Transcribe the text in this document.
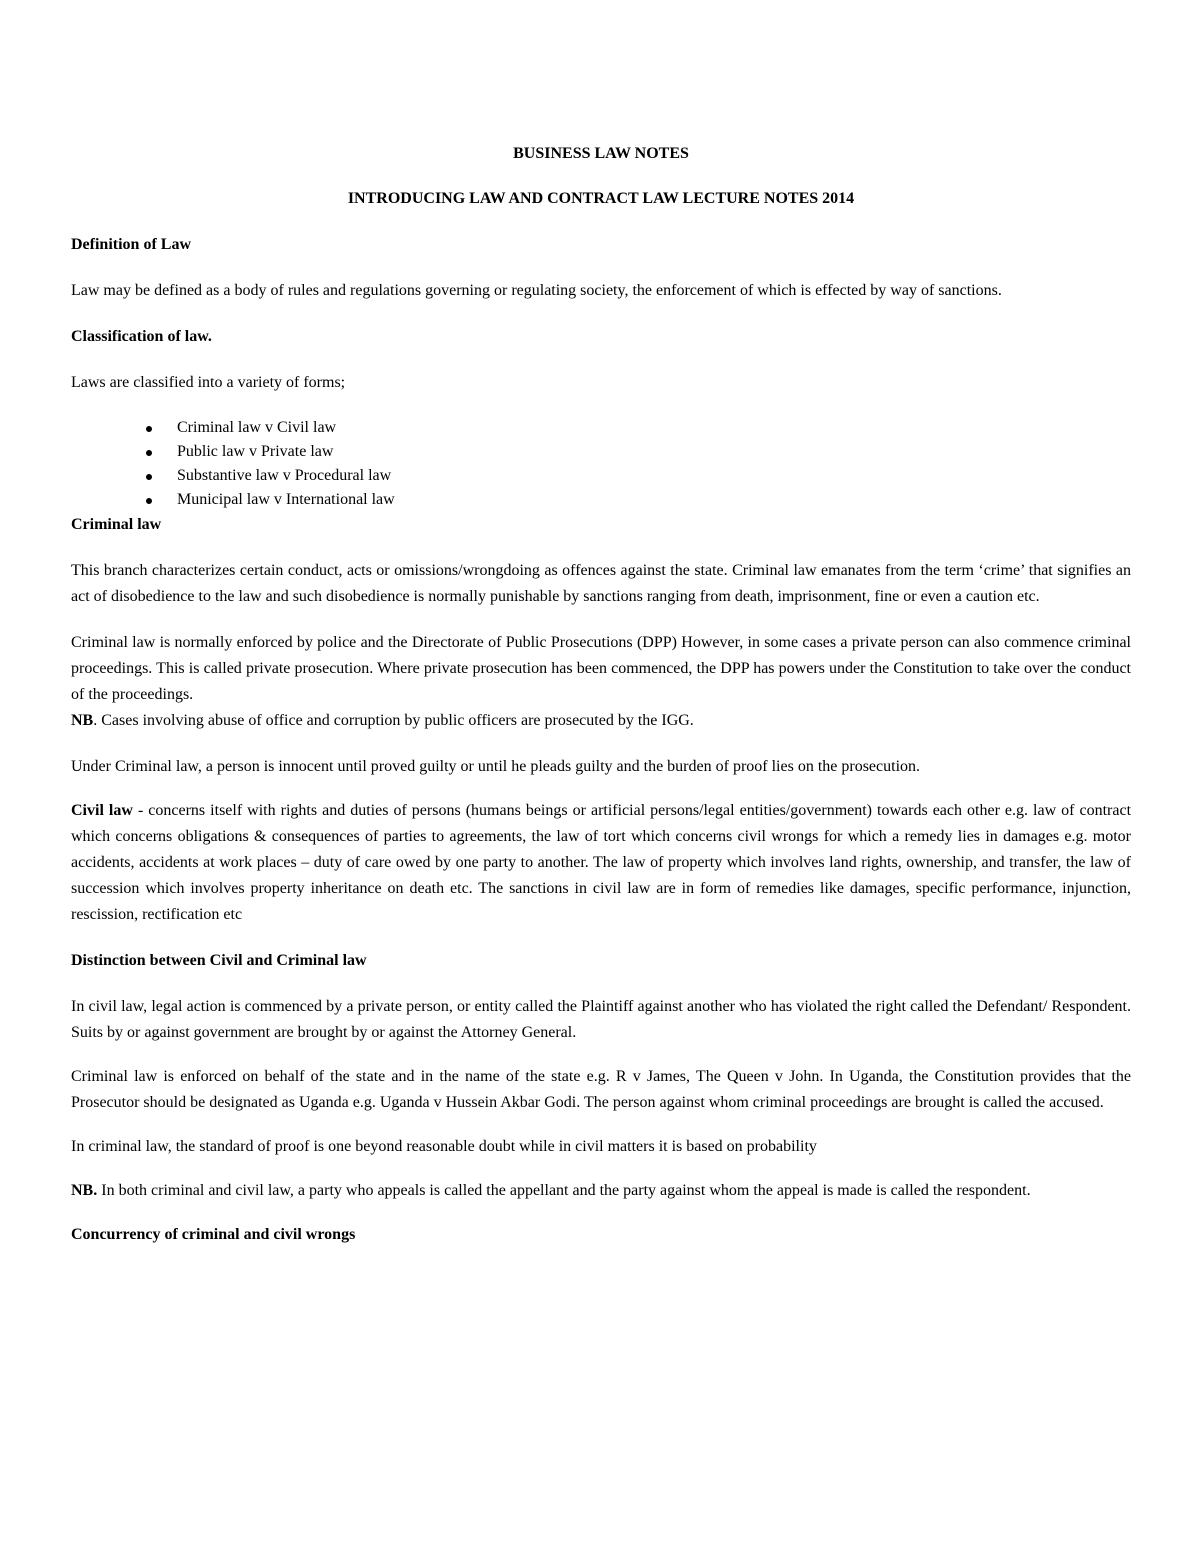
BUSINESS LAW NOTES

INTRODUCING LAW AND CONTRACT LAW LECTURE NOTES 2014

Definition of Law

Law may be defined as a body of rules and regulations governing or regulating society, the enforcement of which is effected by way of sanctions.

Classification of law.

Laws are classified into a variety of forms;

Criminal law v Civil law
Public law v Private law
Substantive law v Procedural law
Municipal law v International law

Criminal law

This branch characterizes certain conduct, acts or omissions/wrongdoing as offences against the state. Criminal law emanates from the term ‘crime’ that signifies an act of disobedience to the law and such disobedience is normally punishable by sanctions ranging from death, imprisonment, fine or even a caution etc.

Criminal law is normally enforced by police and the Directorate of Public Prosecutions (DPP) However, in some cases a private person can also commence criminal proceedings. This is called private prosecution. Where private prosecution has been commenced, the DPP has powers under the Constitution to take over the conduct of the proceedings.

NB. Cases involving abuse of office and corruption by public officers are prosecuted by the IGG.

Under Criminal law, a person is innocent until proved guilty or until he pleads guilty and the burden of proof lies on the prosecution.

Civil law - concerns itself with rights and duties of persons (humans beings or artificial persons/legal entities/government) towards each other e.g. law of contract which concerns obligations & consequences of parties to agreements, the law of tort which concerns civil wrongs for which a remedy lies in damages e.g. motor accidents, accidents at work places – duty of care owed by one party to another. The law of property which involves land rights, ownership, and transfer, the law of succession which involves property inheritance on death etc. The sanctions in civil law are in form of remedies like damages, specific performance, injunction, rescission, rectification etc

Distinction between Civil and Criminal law

In civil law, legal action is commenced by a private person, or entity called the Plaintiff against another who has violated the right called the Defendant/ Respondent. Suits by or against government are brought by or against the Attorney General.

Criminal law is enforced on behalf of the state and in the name of the state e.g. R v James, The Queen v John. In Uganda, the Constitution provides that the Prosecutor should be designated as Uganda e.g. Uganda v Hussein Akbar Godi. The person against whom criminal proceedings are brought is called the accused.

In criminal law, the standard of proof is one beyond reasonable doubt while in civil matters it is based on probability

NB. In both criminal and civil law, a party who appeals is called the appellant and the party against whom the appeal is made is called the respondent.

Concurrency of criminal and civil wrongs
